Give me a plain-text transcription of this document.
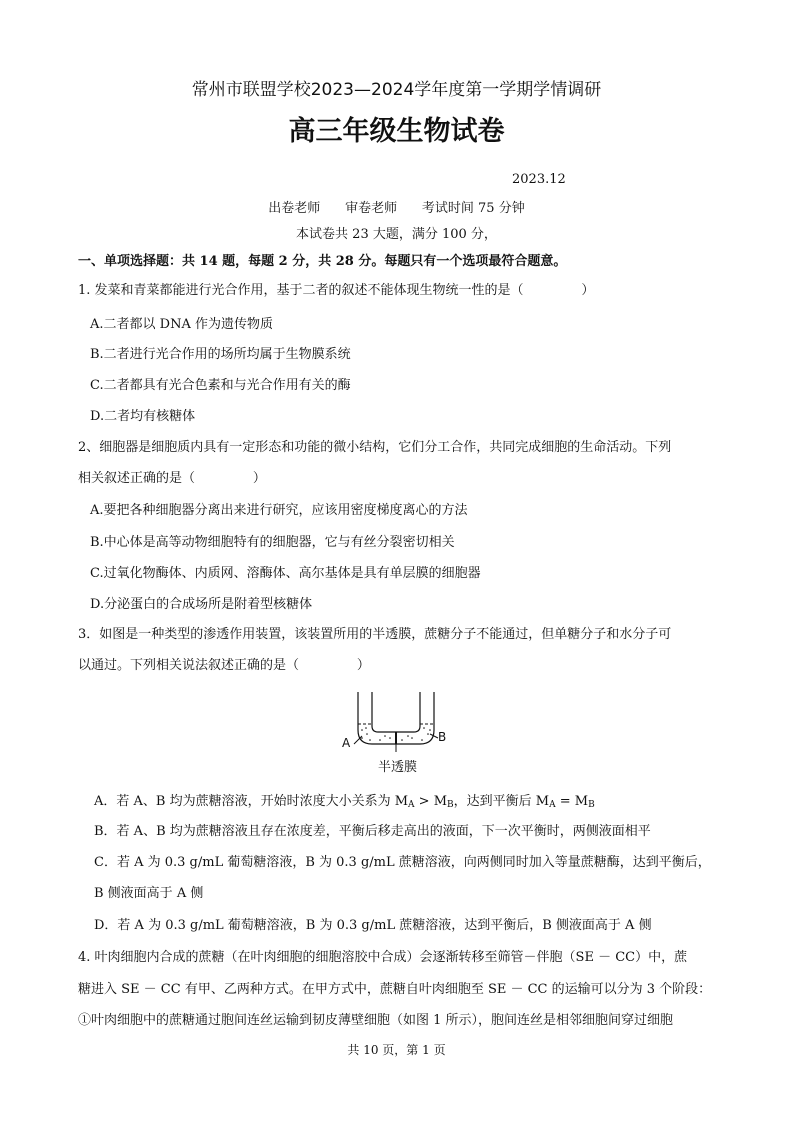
常州市联盟学校2023—2024学年度第一学期学情调研
高三年级生物试卷
2023.12
出卷老师      审卷老师      考试时间 75 分钟
本试卷共 23 大题，满分 100 分，
一、单项选择题：共 14 题，每题 2 分，共 28 分。每题只有一个选项最符合题意。
1. 发菜和青菜都能进行光合作用，基于二者的叙述不能体现生物统一性的是（              ）
A.二者都以 DNA 作为遗传物质
B.二者进行光合作用的场所均属于生物膜系统
C.二者都具有光合色素和与光合作用有关的酶
D.二者均有核糖体
2、细胞器是细胞质内具有一定形态和功能的微小结构，它们分工合作，共同完成细胞的生命活动。下列
相关叙述正确的是（              ）
A.要把各种细胞器分离出来进行研究，应该用密度梯度离心的方法
B.中心体是高等动物细胞特有的细胞器，它与有丝分裂密切相关
C.过氧化物酶体、内质网、溶酶体、高尔基体是具有单层膜的细胞器
D.分泌蛋白的合成场所是附着型核糖体
3．如图是一种类型的渗透作用装置，该装置所用的半透膜，蔗糖分子不能通过，但单糖分子和水分子可
以通过。下列相关说法叙述正确的是（              ）
A	B
半透膜
A．若 A、B 均为蔗糖溶液，开始时浓度大小关系为 $M_A > M_B$，达到平衡后 $M_A = M_B$
B．若 A、B 均为蔗糖溶液且存在浓度差，平衡后移走高出的液面，下一次平衡时，两侧液面相平
C．若 A 为 0.3 g/mL 葡萄糖溶液，B 为 0.3 g/mL 蔗糖溶液，向两侧同时加入等量蔗糖酶，达到平衡后，
B 侧液面高于 A 侧
D．若 A 为 0.3 g/mL 葡萄糖溶液，B 为 0.3 g/mL 蔗糖溶液，达到平衡后，B 侧液面高于 A 侧
4. 叶肉细胞内合成的蔗糖（在叶肉细胞的细胞溶胶中合成）会逐渐转移至筛管－伴胞（SE － CC）中，蔗
糖进入 SE － CC 有甲、乙两种方式。在甲方式中，蔗糖自叶肉细胞至 SE － CC 的运输可以分为 3 个阶段：
①叶肉细胞中的蔗糖通过胞间连丝运输到韧皮薄壁细胞（如图 1 所示），胞间连丝是相邻细胞间穿过细胞
共 10 页，第 1 页
